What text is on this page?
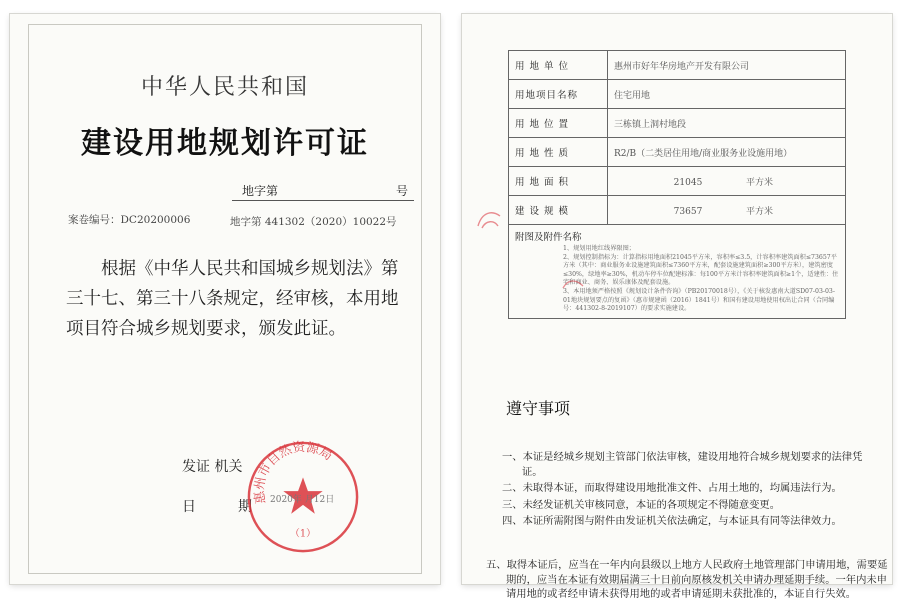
中华人民共和国
建设用地规划许可证
地字第	号
案卷编号：DC20200006	地字第 441302（2020）10022号

根据《中华人民共和国城乡规划法》第三十七、第三十八条规定，经审核，本用地项目符合城乡规划要求，颁发此证。

发证 机关
日	期
惠州市自然资源局
（1）
2020年 月12日
用 地 单 位	惠州市好年华房地产开发有限公司
用地项目名称	住宅用地
用 地 位 置	三栋镇上洞村地段
用 地 性 质	R2/B（二类居住用地/商业服务业设施用地）
用 地 面 积	21045 平方米
建 设 规 模	73657 平方米

附图及附件名称
1、规划用地红线界限图；
2、规划控制指标为：计算指标用地面积21045平方米，容积率≤3.5，计容积率建筑面积≤73657平方米（其中：商业服务业设施建筑面积≤7360平方米，配套设施建筑面积≥300平方米），建筑密度≤30%，绿地率≥30%，机动车停车位配建标准：每100平方米计容积率建筑面积≥1个，适建性：住宅和商业、商务、娱乐康体及配套设施。
3、本用地须严格按照《规划设计条件咨询》（PB20170018号），《关于核发惠南大道SD07-03-03-01地块规划要点的复函》（惠市规建函（2016）1841号）和国有建设用地使用权出让合同（合同编号：441302-8-2019107）的要求实施建设。	
遵守事项
一、本证是经城乡规划主管部门依法审核，建设用地符合城乡规划要求的法律凭证。
二、未取得本证，而取得建设用地批准文件、占用土地的，均属违法行为。
三、未经发证机关审核同意，本证的各项规定不得随意变更。
四、本证所需附图与附件由发证机关依法确定，与本证具有同等法律效力。
五、取得本证后，应当在一年内向县级以上地方人民政府土地管理部门申请用地，需要延期的，应当在本证有效期届满三十日前向原核发机关申请办理延期手续。一年内未申请用地的或者经申请未获得用地的或者申请延期未获批准的，本证自行失效。
